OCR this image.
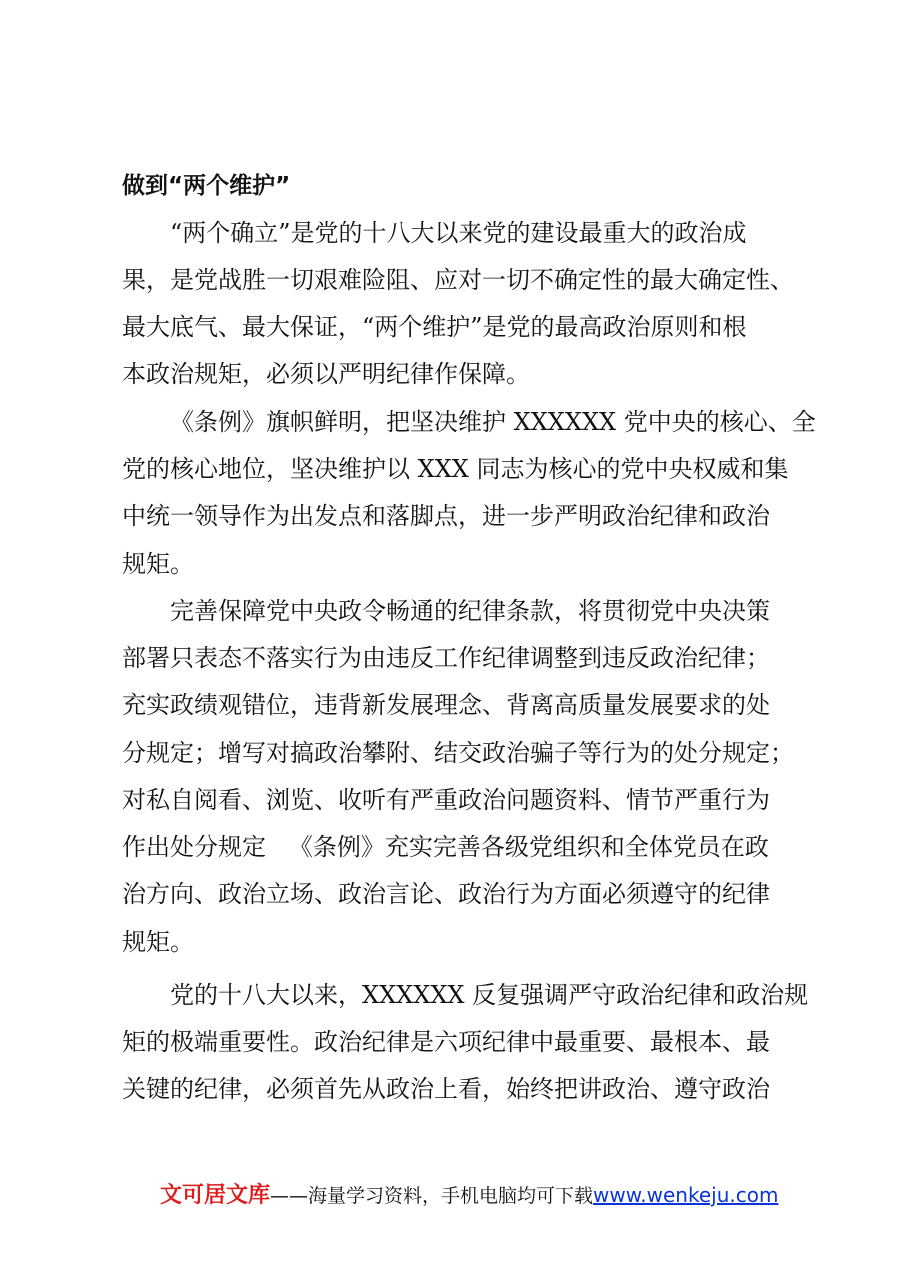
做到“两个维护”

“两个确立”是党的十八大以来党的建设最重大的政治成

果，是党战胜一切艰难险阻、应对一切不确定性的最大确定性、

最大底气、最大保证，“两个维护”是党的最高政治原则和根

本政治规矩，必须以严明纪律作保障。

《条例》旗帜鲜明，把坚决维护 XXXXXX 党中央的核心、全

党的核心地位，坚决维护以 XXX 同志为核心的党中央权威和集

中统一领导作为出发点和落脚点，进一步严明政治纪律和政治

规矩。

完善保障党中央政令畅通的纪律条款，将贯彻党中央决策

部署只表态不落实行为由违反工作纪律调整到违反政治纪律；

充实政绩观错位，违背新发展理念、背离高质量发展要求的处

分规定；增写对搞政治攀附、结交政治骗子等行为的处分规定；

对私自阅看、浏览、收听有严重政治问题资料、情节严重行为

作出处分规定   《条例》充实完善各级党组织和全体党员在政

治方向、政治立场、政治言论、政治行为方面必须遵守的纪律

规矩。

党的十八大以来，XXXXXX 反复强调严守政治纪律和政治规

矩的极端重要性。政治纪律是六项纪律中最重要、最根本、最

关键的纪律，必须首先从政治上看，始终把讲政治、遵守政治

文可居文库——海量学习资料，手机电脑均可下载www.wenkeju.com
